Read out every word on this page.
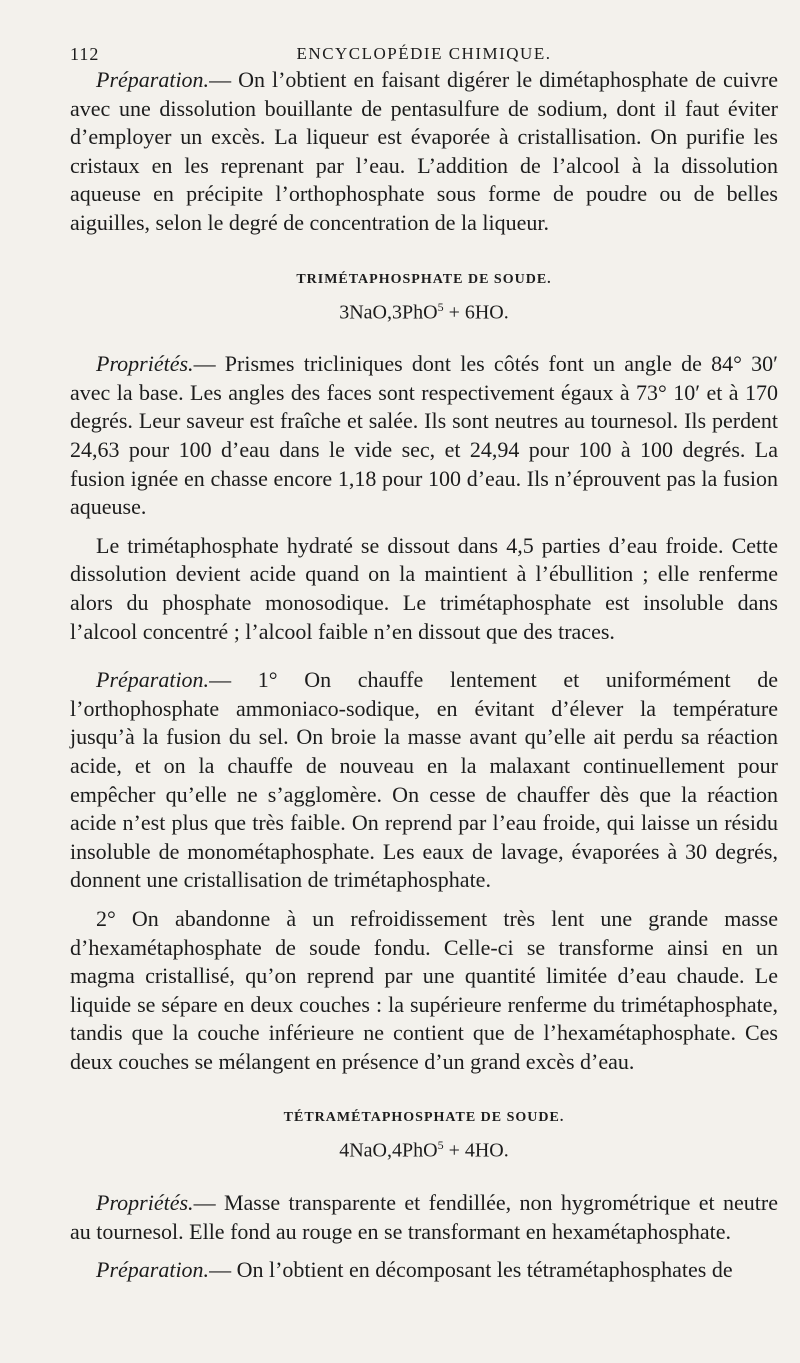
112	ENCYCLOPÉDIE CHIMIQUE.

Préparation.— On l’obtient en faisant digérer le dimétaphosphate de cuivre avec une dissolution bouillante de pentasulfure de sodium, dont il faut éviter d’employer un excès. La liqueur est évaporée à cristallisation. On purifie les cristaux en les reprenant par l’eau. L’addition de l’alcool à la dissolution aqueuse en précipite l’orthophosphate sous forme de poudre ou de belles aiguilles, selon le degré de concentration de la liqueur.

TRIMÉTAPHOSPHATE DE SOUDE.
3NaO,3PhO$^5$ + 6HO.

Propriétés.— Prismes tricliniques dont les côtés font un angle de 84° 30′ avec la base. Les angles des faces sont respectivement égaux à 73° 10′ et à 170 degrés. Leur saveur est fraîche et salée. Ils sont neutres au tournesol. Ils perdent 24,63 pour 100 d’eau dans le vide sec, et 24,94 pour 100 à 100 degrés. La fusion ignée en chasse encore 1,18 pour 100 d’eau. Ils n’éprouvent pas la fusion aqueuse.

Le trimétaphosphate hydraté se dissout dans 4,5 parties d’eau froide. Cette dissolution devient acide quand on la maintient à l’ébullition ; elle renferme alors du phosphate monosodique. Le trimétaphosphate est insoluble dans l’alcool concentré ; l’alcool faible n’en dissout que des traces.

Préparation.— 1° On chauffe lentement et uniformément de l’orthophosphate ammoniaco-sodique, en évitant d’élever la température jusqu’à la fusion du sel. On broie la masse avant qu’elle ait perdu sa réaction acide, et on la chauffe de nouveau en la malaxant continuellement pour empêcher qu’elle ne s’agglomère. On cesse de chauffer dès que la réaction acide n’est plus que très faible. On reprend par l’eau froide, qui laisse un résidu insoluble de monométaphosphate. Les eaux de lavage, évaporées à 30 degrés, donnent une cristallisation de trimétaphosphate.

2° On abandonne à un refroidissement très lent une grande masse d’hexamétaphosphate de soude fondu. Celle-ci se transforme ainsi en un magma cristallisé, qu’on reprend par une quantité limitée d’eau chaude. Le liquide se sépare en deux couches : la supérieure renferme du trimétaphosphate, tandis que la couche inférieure ne contient que de l’hexamétaphosphate. Ces deux couches se mélangent en présence d’un grand excès d’eau.

TÉTRAMÉTAPHOSPHATE DE SOUDE.
4NaO,4PhO$^5$ + 4HO.

Propriétés.— Masse transparente et fendillée, non hygrométrique et neutre au tournesol. Elle fond au rouge en se transformant en hexamétaphosphate.

Préparation.— On l’obtient en décomposant les tétramétaphosphates de
